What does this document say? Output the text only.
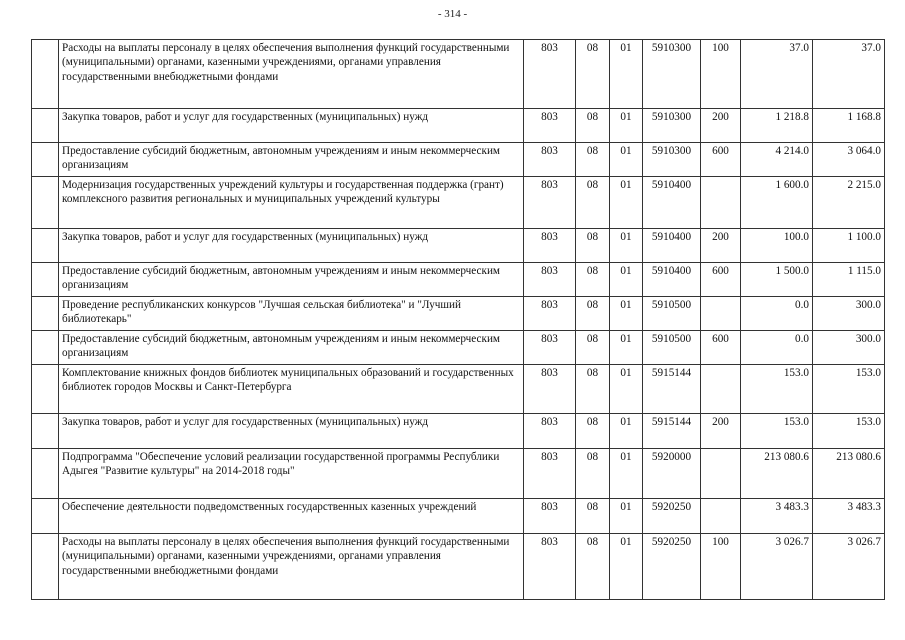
- 314 -
	Расходы на выплаты персоналу в целях обеспечения выполнения функций государственными (муниципальными) органами, казенными учреждениями, органами управления государственными внебюджетными фондами	803	08	01	5910300	100	37.0	37.0
	Закупка товаров, работ и услуг для государственных (муниципальных) нужд	803	08	01	5910300	200	1 218.8	1 168.8
	Предоставление субсидий бюджетным, автономным учреждениям и иным некоммерческим организациям	803	08	01	5910300	600	4 214.0	3 064.0
	Модернизация государственных учреждений культуры и государственная поддержка (грант) комплексного развития региональных и муниципальных учреждений культуры	803	08	01	5910400		1 600.0	2 215.0
	Закупка товаров, работ и услуг для государственных (муниципальных) нужд	803	08	01	5910400	200	100.0	1 100.0
	Предоставление субсидий бюджетным, автономным учреждениям и иным некоммерческим организациям	803	08	01	5910400	600	1 500.0	1 115.0
	Проведение республиканских конкурсов "Лучшая сельская библиотека" и "Лучший библиотекарь"	803	08	01	5910500		0.0	300.0
	Предоставление субсидий бюджетным, автономным учреждениям и иным некоммерческим организациям	803	08	01	5910500	600	0.0	300.0
	Комплектование книжных фондов библиотек муниципальных образований и государственных библиотек городов Москвы и Санкт-Петербурга	803	08	01	5915144		153.0	153.0
	Закупка товаров, работ и услуг для государственных (муниципальных) нужд	803	08	01	5915144	200	153.0	153.0
	Подпрограмма "Обеспечение условий реализации государственной программы Республики Адыгея "Развитие культуры" на 2014-2018 годы"	803	08	01	5920000		213 080.6	213 080.6
	Обеспечение деятельности подведомственных государственных казенных учреждений	803	08	01	5920250		3 483.3	3 483.3
	Расходы на выплаты персоналу в целях обеспечения выполнения функций государственными (муниципальными) органами, казенными учреждениями, органами управления государственными внебюджетными фондами	803	08	01	5920250	100	3 026.7	3 026.7
